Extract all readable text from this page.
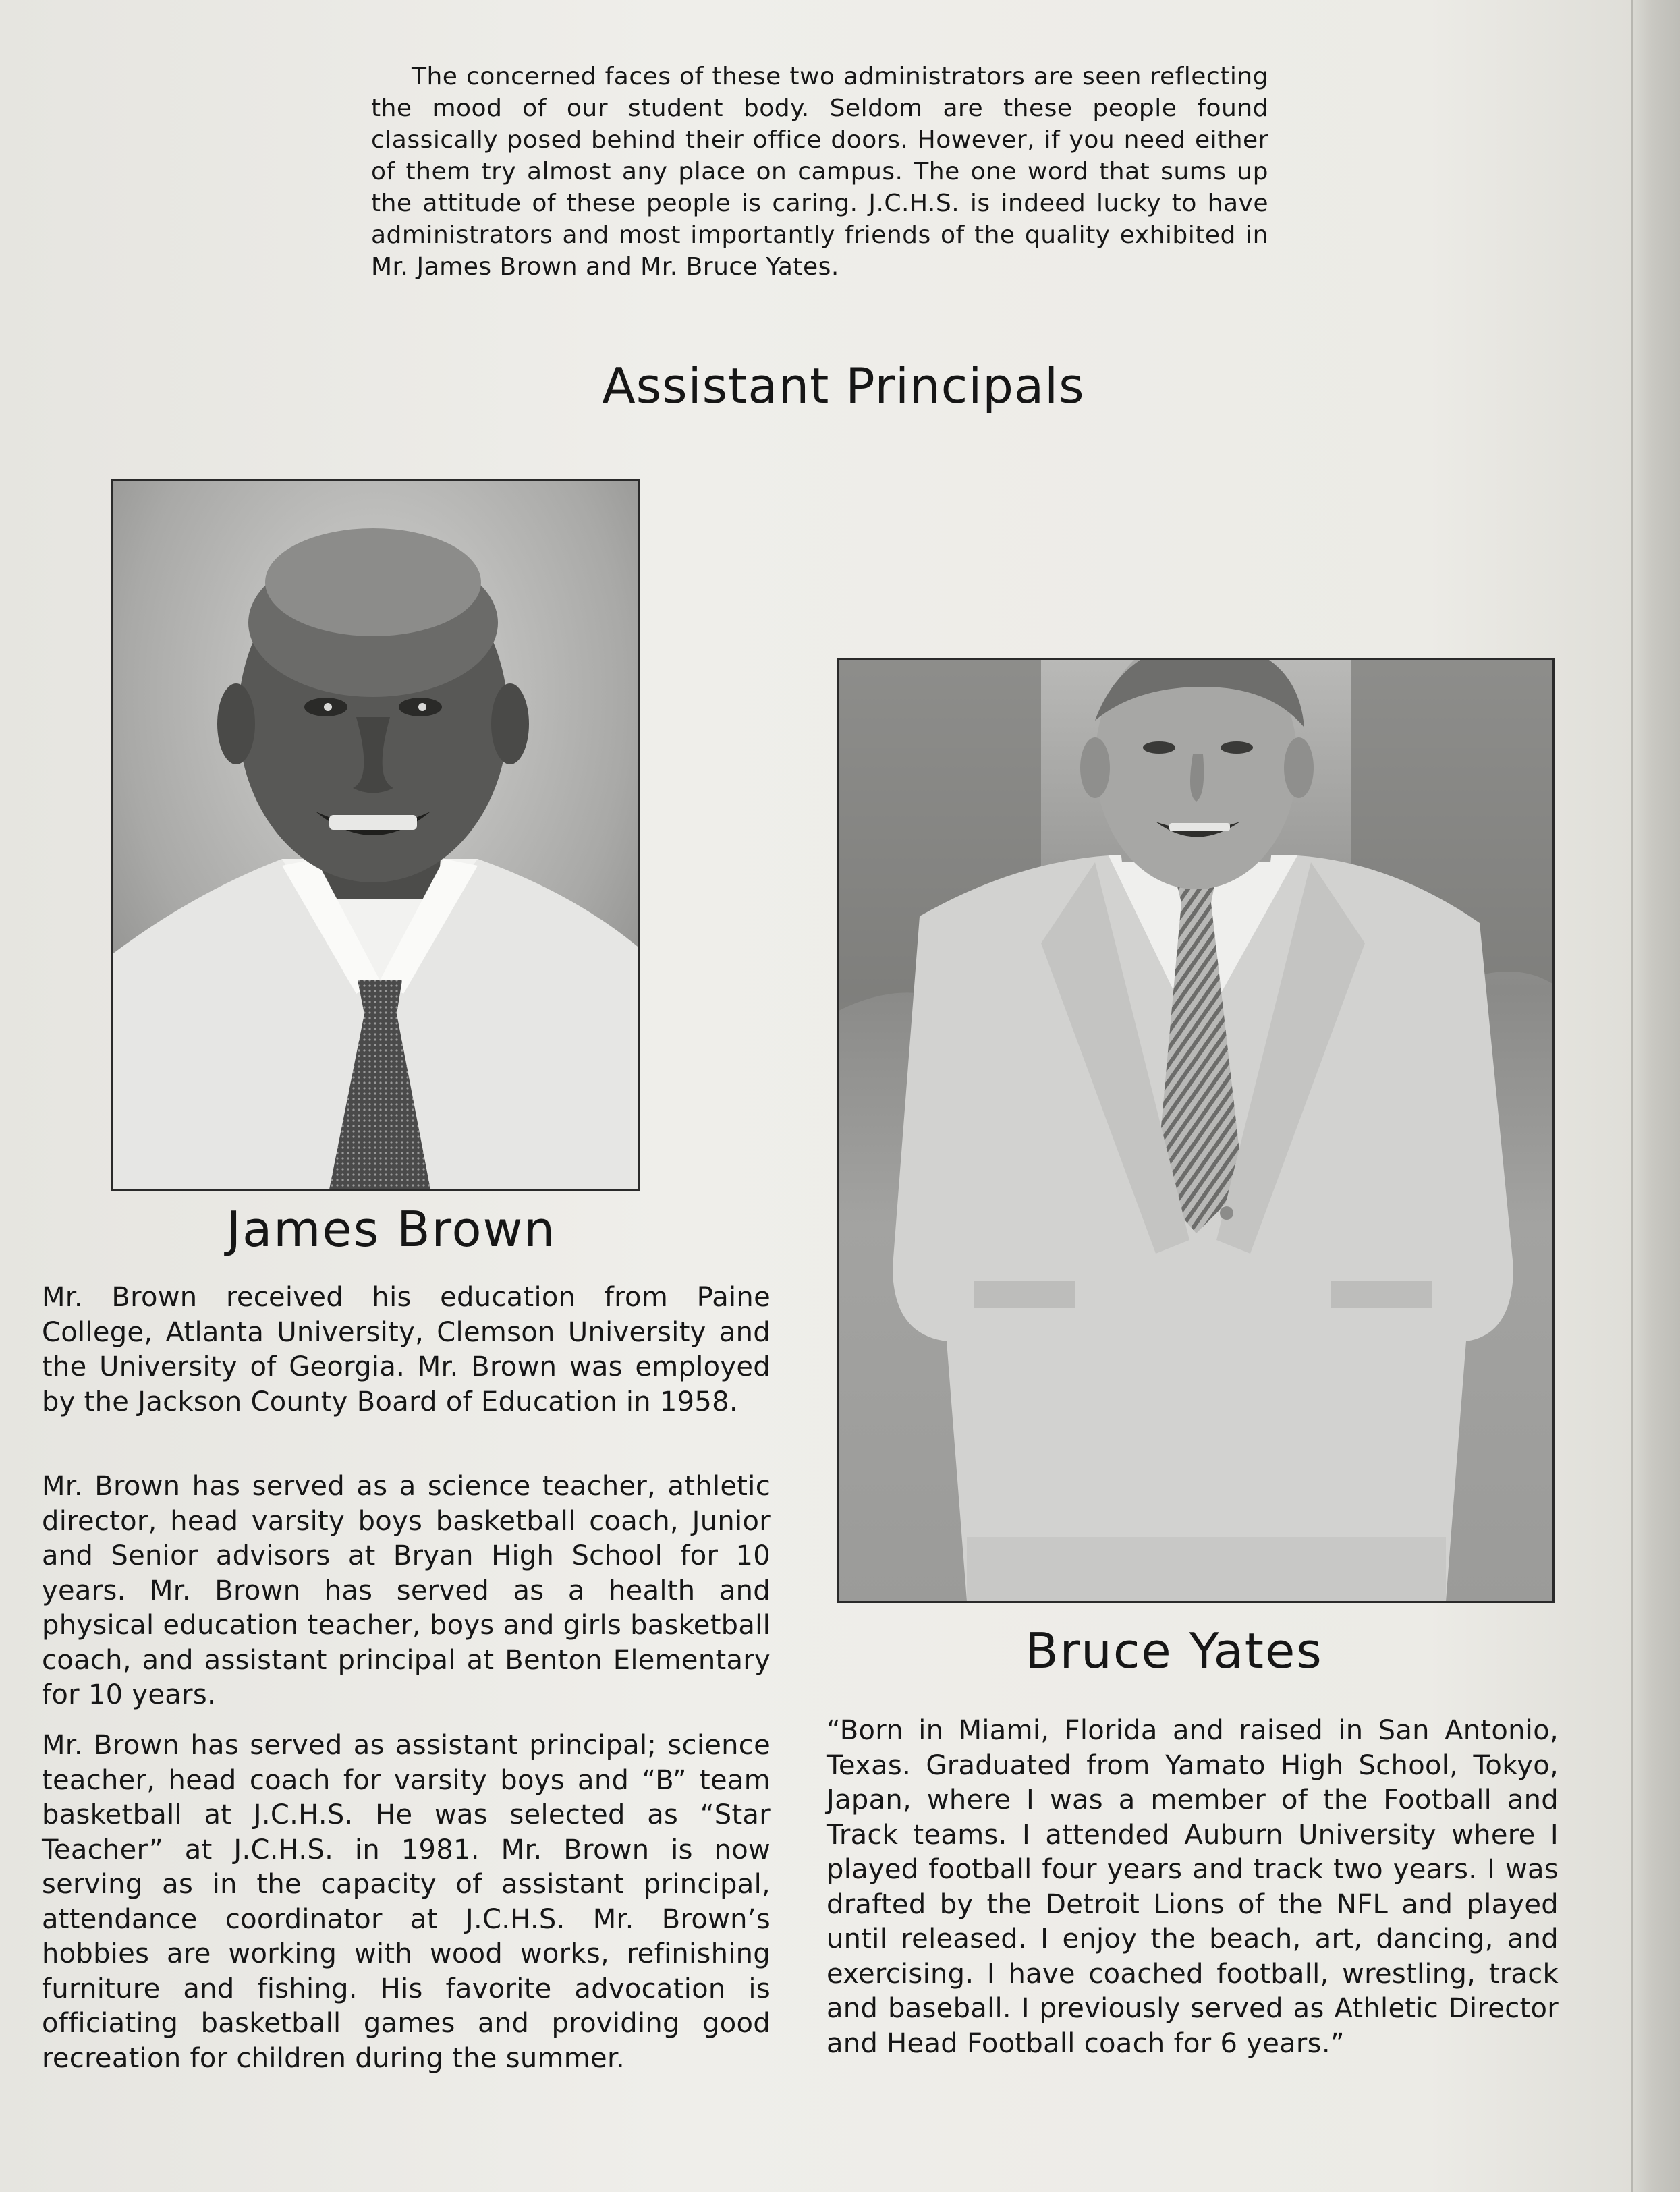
The concerned faces of these two administrators are seen reflecting the mood of our student body. Seldom are these people found classically posed behind their office doors. However, if you need either of them try almost any place on campus. The one word that sums up the attitude of these people is caring. J.C.H.S. is indeed lucky to have administrators and most importantly friends of the quality exhibited in Mr. James Brown and Mr. Bruce Yates.

Assistant Principals
James Brown

Mr. Brown received his education from Paine College, Atlanta University, Clemson University and the University of Georgia. Mr. Brown was employed by the Jackson County Board of Education in 1958.

Mr. Brown has served as a science teacher, athletic director, head varsity boys basketball coach, Junior and Senior advisors at Bryan High School for 10 years. Mr. Brown has served as a health and physical education teacher, boys and girls basketball coach, and assistant principal at Benton Elementary for 10 years.

Mr. Brown has served as assistant principal; science teacher, head coach for varsity boys and “B” team basketball at J.C.H.S. He was selected as “Star Teacher” at J.C.H.S. in 1981. Mr. Brown is now serving as in the capacity of assistant principal, attendance coordinator at J.C.H.S. Mr. Brown’s hobbies are working with wood works, refinishing furniture and fishing. His favorite advocation is officiating basketball games and providing good recreation for children during the summer.

Bruce Yates

“Born in Miami, Florida and raised in San Antonio, Texas. Graduated from Yamato High School, Tokyo, Japan, where I was a member of the Football and Track teams. I attended Auburn University where I played football four years and track two years. I was drafted by the Detroit Lions of the NFL and played until released. I enjoy the beach, art, dancing, and exercising. I have coached football, wrestling, track and baseball. I previously served as Athletic Director and Head Football coach for 6 years.”
